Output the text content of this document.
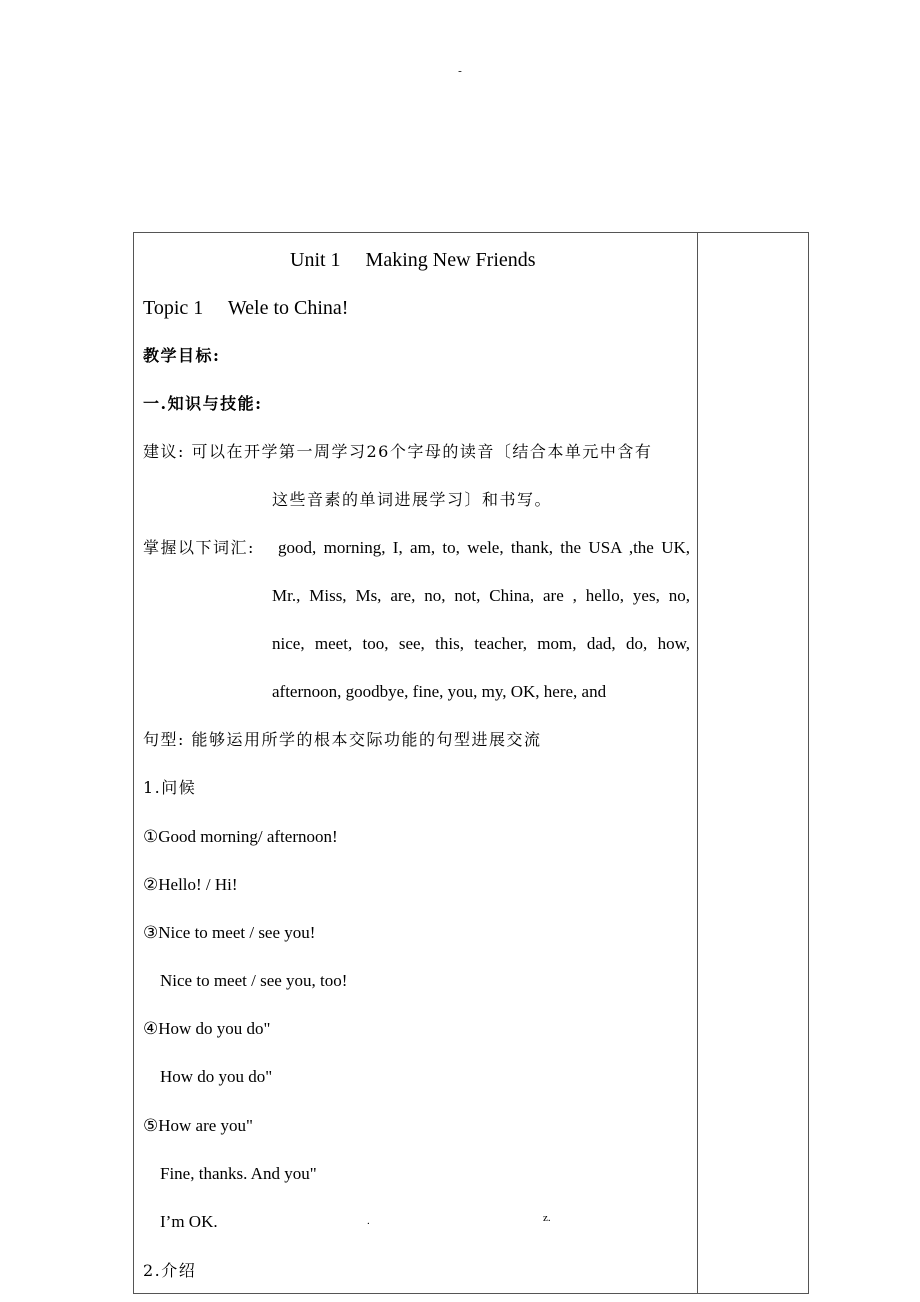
-
Unit 1  Making New Friends
Topic 1  Wele to China!
教学目标:
一.知识与技能:
建议: 可以在开学第一周学习26个字母的读音〔结合本单元中含有
这些音素的单词进展学习〕和书写。
掌握以下词汇: good, morning, I, am, to, wele, thank, the USA ,the UK,
Mr., Miss, Ms, are, no, not, China, are , hello, yes, no,
nice, meet, too, see, this, teacher, mom, dad, do, how,
afternoon, goodbye, fine, you, my, OK, here, and
句型: 能够运用所学的根本交际功能的句型进展交流
1.问候
①Good morning/ afternoon!
②Hello! / Hi!
③Nice to meet / see you!
Nice to meet / see you, too!
④How do you do"
How do you do"
⑤How are you"
Fine, thanks. And you"
I’m OK.	.	z.
2.介绍
